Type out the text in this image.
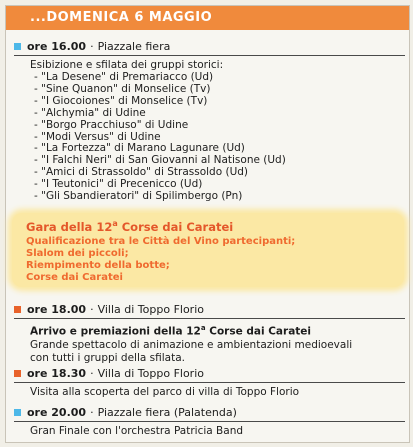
...DOMENICA 6 MAGGIO
ore 16.00 · Piazzale fiera
Esibizione e sfilata dei gruppi storici:
- "La Desene" di Premariacco (Ud)
- "Sine Quanon" di Monselice (Tv)
- "I Giocoiones" di Monselice (Tv)
- "Alchymia" di Udine
- "Borgo Pracchiuso" di Udine
- "Modi Versus" di Udine
- "La Fortezza" di Marano Lagunare (Ud)
- "I Falchi Neri" di San Giovanni al Natisone (Ud)
- "Amici di Strassoldo" di Strassoldo (Ud)
- "I Teutonici" di Precenicco (Ud)
- "Gli Sbandieratori" di Spilimbergo (Pn)
Gara della 12$^a$ Corse dai Caratei
Qualificazione tra le Città del Vino partecipanti;
Slalom dei piccoli;
Riempimento della botte;
Corse dai Caratei
ore 18.00 · Villa di Toppo Florio
Arrivo e premiazioni della 12$^a$ Corse dai Caratei
Grande spettacolo di animazione e ambientazioni medioevali
con tutti i gruppi della sfilata.
ore 18.30 · Villa di Toppo Florio
Visita alla scoperta del parco di villa di Toppo Florio
ore 20.00 · Piazzale fiera (Palatenda)
Gran Finale con l'orchestra Patricia Band
